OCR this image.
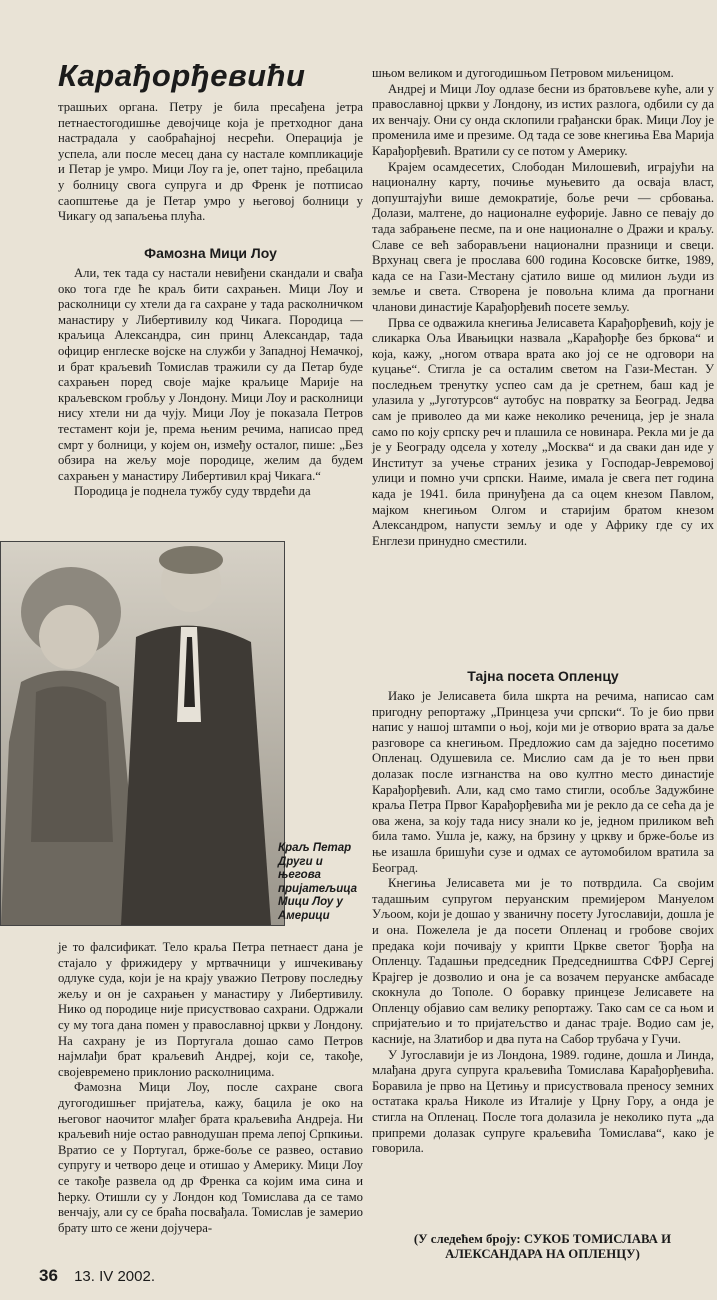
Карађорђевићи

трашњих органа. Петру је била пресађена јетра петнаестогодишње девојчице која је претходног дана настрадала у саобраћајној несрећи. Операција је успела, али после месец дана су настале компликације и Петар је умро. Мици Лоу га је, опет тајно, пребацила у болницу свога супруга и др Френк је потписао саопштење да је Петар умро у његовој болници у Чикагу од запаљења плућа.

Фамозна Мици Лоу

Али, тек тада су настали невиђени скандали и свађа око тога где ће краљ бити сахрањен. Мици Лоу и расколници су хтели да га сахране у тада расколничком манастиру у Либертивилу код Чикага. Породица — краљица Александра, син принц Александар, тада официр енглеске војске на служби у Западној Немачкој, и брат краљевић Томислав тражили су да Петар буде сахрањен поред своје мајке краљице Марије на краљевском гробљу у Лондону. Мици Лоу и расколници нису хтели ни да чују. Мици Лоу је показала Петров тестамент који је, према њеним речима, написао пред смрт у болници, у којем он, између осталог, пише: „Без обзира на жељу моје породице, желим да будем сахрањен у манастиру Либертивил крај Чикага.“

Породица је поднела тужбу суду тврдећи да

Краљ Петар Други и његова пријатељица Мици Лоу у Америци

је то фалсификат. Тело краља Петра петнаест дана је стајало у фрижидеру у мртвачници у ишчекивању одлуке суда, који је на крају уважио Петрову последњу жељу и он је сахрањен у манастиру у Либертивилу. Нико од породице није присуствовао сахрани. Одржали су му тога дана помен у православној цркви у Лондону. На сахрану је из Португала дошао само Петров најмлађи брат краљевић Андреј, који се, такође, својевремено приклонио расколницима.

Фамозна Мици Лоу, после сахране свога дугогодишњег пријатеља, кажу, бацила је око на његовог наочитог млађег брата краљевића Андреја. Ни краљевић није остао равнодушан према лепој Српкињи. Вратио се у Португал, брже-боље се развео, оставио супругу и четворо деце и отишао у Америку. Мици Лоу се такође развела од др Френка са којим има сина и ћерку. Отишли су у Лондон код Томислава да се тамо венчају, али су се браћа посвађала. Томислав је замерио брату што се жени дојучера-

шњом великом и дугогодишњом Петровом миљеницом.

Андреј и Мици Лоу одлазе бесни из братовљеве куће, али у православној цркви у Лондону, из истих разлога, одбили су да их венчају. Они су онда склопили грађански брак. Мици Лоу је променила име и презиме. Од тада се зове кнегиња Ева Марија Карађорђевић. Вратили су се потом у Америку.

Крајем осамдесетих, Слободан Милошевић, играјући на националну карту, почиње муњевито да осваја власт, допуштајући више демократије, боље речи — србовања. Долази, малтене, до националне еуфорије. Јавно се певају до тада забрањене песме, па и оне националне о Дражи и краљу. Славе се већ заборављени национални празници и свеци. Врхунац свега је прослава 600 година Косовске битке, 1989, када се на Гази-Местану сјатило више од милион људи из земље и света. Створена је повољна клима да прогнани чланови династије Карађорђевић посете земљу.

Прва се одважила кнегиња Јелисавета Карађорђевић, коју је сликарка Оља Ивањицки назвала „Карађорђе без бркова“ и која, кажу, „ногом отвара врата ако јој се не одговори на куцање“. Стигла је са осталим светом на Гази-Местан. У последњем тренутку успео сам да је сретнем, баш кад је улазила у „Југотурсов“ аутобус на повратку за Београд. Једва сам је приволео да ми каже неколико реченица, јер је знала само по коју српску реч и плашила се новинара. Рекла ми је да је у Београду одсела у хотелу „Москва“ и да сваки дан иде у Институт за учење страних језика у Господар-Јевремовој улици и помно учи српски. Наиме, имала је свега пет година када је 1941. била принуђена да са оцем кнезом Павлом, мајком кнегињом Олгом и старијим братом кнезом Александром, напусти земљу и оде у Африку где су их Енглези принудно сместили.

Тајна посета Опленцу

Иако је Јелисавета била шкрта на речима, написао сам пригодну репортажу „Принцеза учи српски“. То је био први напис у нашој штампи о њој, који ми је отворио врата за даље разговоре са кнегињом. Предложио сам да заједно посетимо Опленац. Одушевила се. Мислио сам да је то њен први долазак после изгнанства на ово култно место династије Карађорђевић. Али, кад смо тамо стигли, особље Задужбине краља Петра Првог Карађорђевића ми је рекло да се сећа да је ова жена, за коју тада нису знали ко је, једном приликом већ била тамо. Ушла је, кажу, на брзину у цркву и брже-боље из ње изашла бришући сузе и одмах се аутомобилом вратила за Београд.

Кнегиња Јелисавета ми је то потврдила. Са својим тадашњим супругом перуанским премијером Мануелом Уљоом, који је дошао у званичну посету Југославији, дошла је и она. Пожелела је да посети Опленац и гробове својих предака који почивају у крипти Цркве светог Ђорђа на Опленцу. Тадашњи председник Председништва СФРЈ Сергеј Крајгер је дозволио и она је са возачем перуанске амбасаде скокнула до Тополе. О боравку принцезе Јелисавете на Опленцу објавио сам велику репортажу. Тако сам се са њом и спријатељио и то пријатељство и данас траје. Водио сам је, касније, на Златибор и два пута на Сабор трубача у Гучи.

У Југославији је из Лондона, 1989. године, дошла и Линда, млађана друга супруга краљевића Томислава Карађорђевића. Боравила је прво на Цетињу и присуствовала преносу земних остатака краља Николе из Италије у Црну Гору, а онда је стигла на Опленац. После тога долазила је неколико пута „да припреми долазак супруге краљевића Томислава“, како је говорила.

(У следећем броју: СУКОБ ТОМИСЛАВА И АЛЕКСАНДАРА НА ОПЛЕНЦУ)
36 13. IV 2002.
